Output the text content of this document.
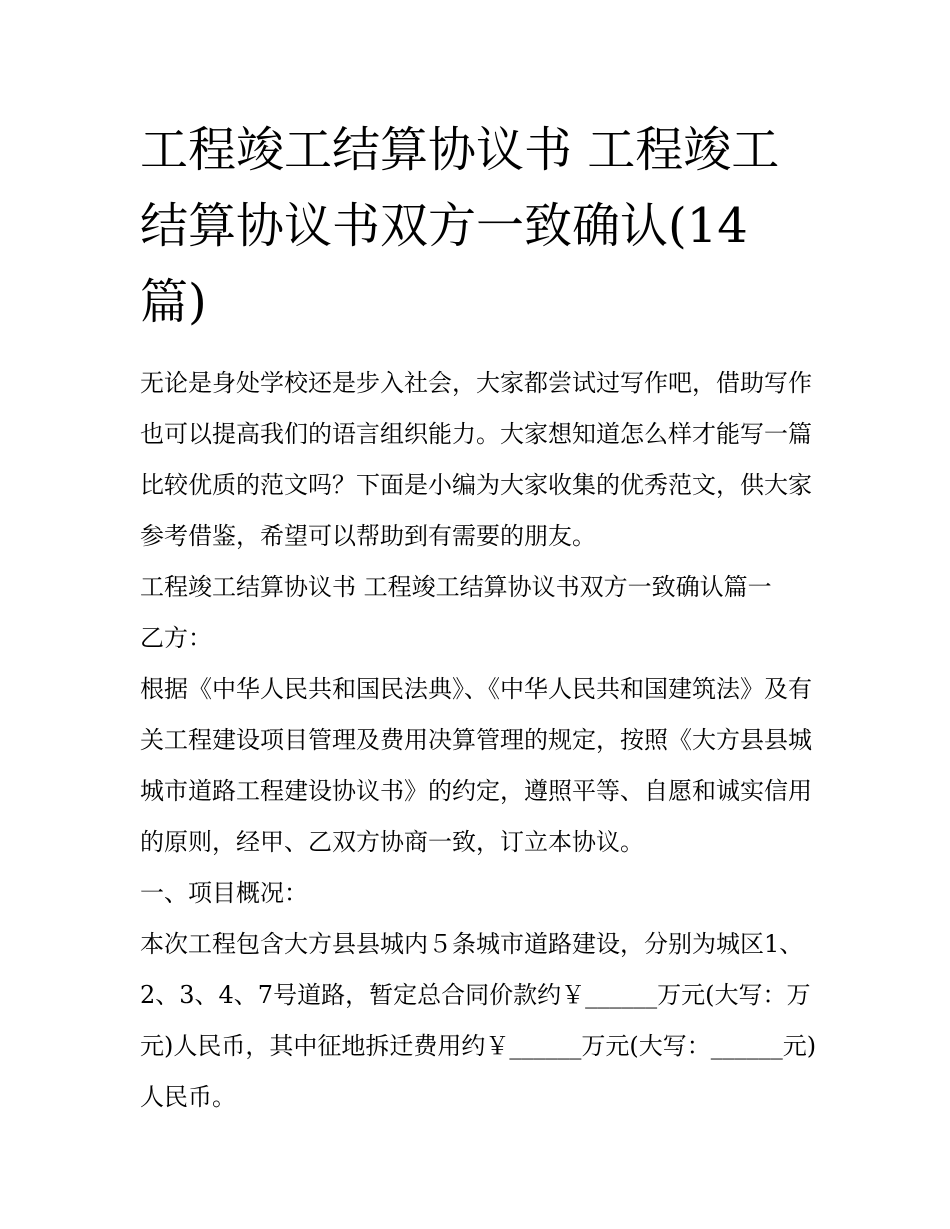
工程竣工结算协议书 工程竣工
结算协议书双方一致确认(14
篇)

无论是身处学校还是步入社会，大家都尝试过写作吧，借助写作也可以提高我们的语言组织能力。大家想知道怎么样才能写一篇比较优质的范文吗？下面是小编为大家收集的优秀范文，供大家参考借鉴，希望可以帮助到有需要的朋友。

工程竣工结算协议书 工程竣工结算协议书双方一致确认篇一

乙方：

根据《中华人民共和国民法典》、《中华人民共和国建筑法》及有关工程建设项目管理及费用决算管理的规定，按照《大方县县城城市道路工程建设协议书》的约定，遵照平等、自愿和诚实信用的原则，经甲、乙双方协商一致，订立本协议。

一、项目概况：

本次工程包含大方县县城内５条城市道路建设，分别为城区1、2、3、4、7号道路，暂定总合同价款约￥______万元(大写：万元)人民币，其中征地拆迁费用约￥______万元(大写：______元)人民币。
